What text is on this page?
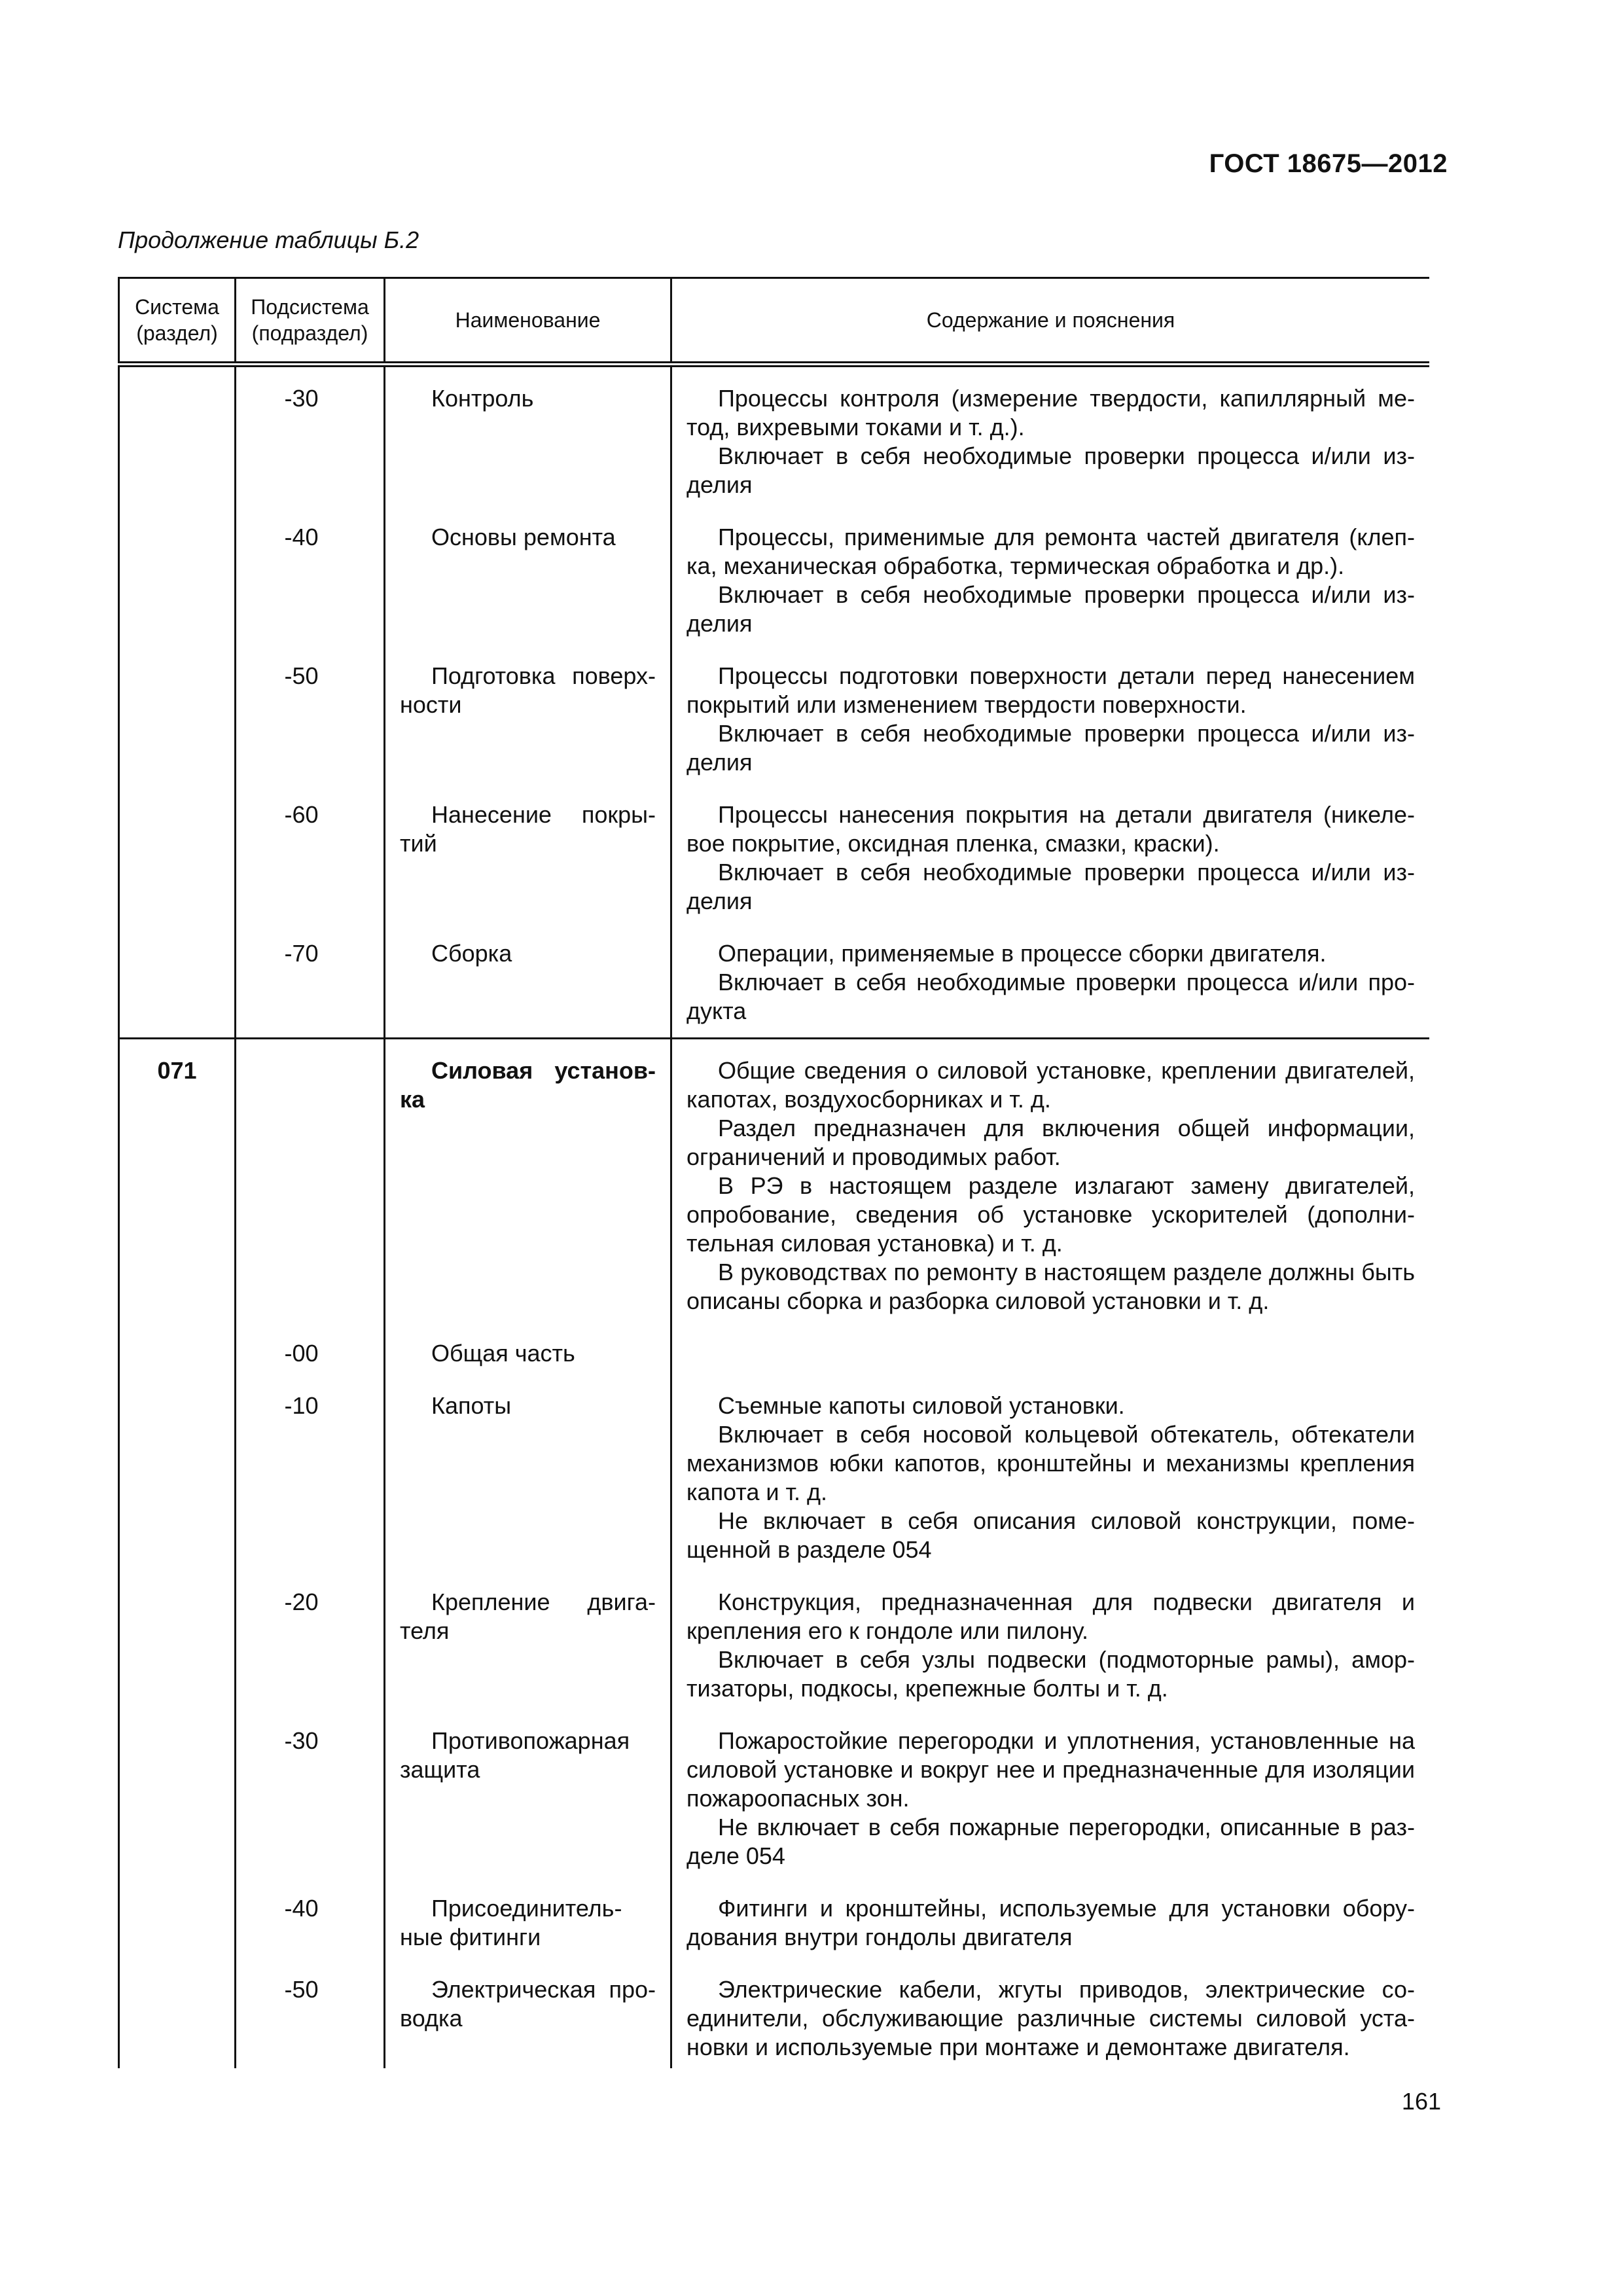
ГОСТ 18675—2012
Продолжение таблицы Б.2
Система (раздел)	Подсистема (подраздел)	Наименование	Содержание и пояснения
	-30	Контроль	Процессы контроля (измерение твердости, капиллярный метод, вихревыми токами и т. д.).

Включает в себя необходимые проверки процесса и/или изделия

	-40	Основы ремонта	Процессы, применимые для ремонта частей двигателя (клепка, механическая обработка, термическая обработка и др.).

Включает в себя необходимые проверки процесса и/или изделия

	-50	Подготовка поверхности	Процессы подготовки поверхности детали перед нанесением покрытий или изменением твердости поверхности.

Включает в себя необходимые проверки процесса и/или изделия

	-60	Нанесение покрытий	Процессы нанесения покрытия на детали двигателя (никелевое покрытие, оксидная пленка, смазки, краски).

Включает в себя необходимые проверки процесса и/или изделия

	-70	Сборка	Операции, применяемые в процессе сборки двигателя.

Включает в себя необходимые проверки процесса и/или продукта

071		Силовая установка	Общие сведения о силовой установке, креплении двигателей, капотах, воздухосборниках и т. д.

Раздел предназначен для включения общей информации, ограничений и проводимых работ.

В РЭ в настоящем разделе излагают замену двигателей, опробование, сведения об установке ускорителей (дополнительная силовая установка) и т. д.

В руководствах по ремонту в настоящем разделе должны быть описаны сборка и разборка силовой установки и т. д.

	-00	Общая часть	

	-10	Капоты	Съемные капоты силовой установки.

Включает в себя носовой кольцевой обтекатель, обтекатели механизмов юбки капотов, кронштейны и механизмы крепления капота и т. д.

Не включает в себя описания силовой конструкции, помещенной в разделе 054

	-20	Крепление двигателя	Конструкция, предназначенная для подвески двигателя и крепления его к гондоле или пилону.

Включает в себя узлы подвески (подмоторные рамы), амортизаторы, подкосы, крепежные болты и т. д.

	-30	Противопожарная защита	Пожаростойкие перегородки и уплотнения, установленные на силовой установке и вокруг нее и предназначенные для изоляции пожароопасных зон.

Не включает в себя пожарные перегородки, описанные в разделе 054

	-40	Присоединительные фитинги	Фитинги и кронштейны, используемые для установки оборудования внутри гондолы двигателя

	-50	Электрическая проводка	Электрические кабели, жгуты приводов, электрические соединители, обслуживающие различные системы силовой установки и используемые при монтаже и демонтаже двигателя.

161
